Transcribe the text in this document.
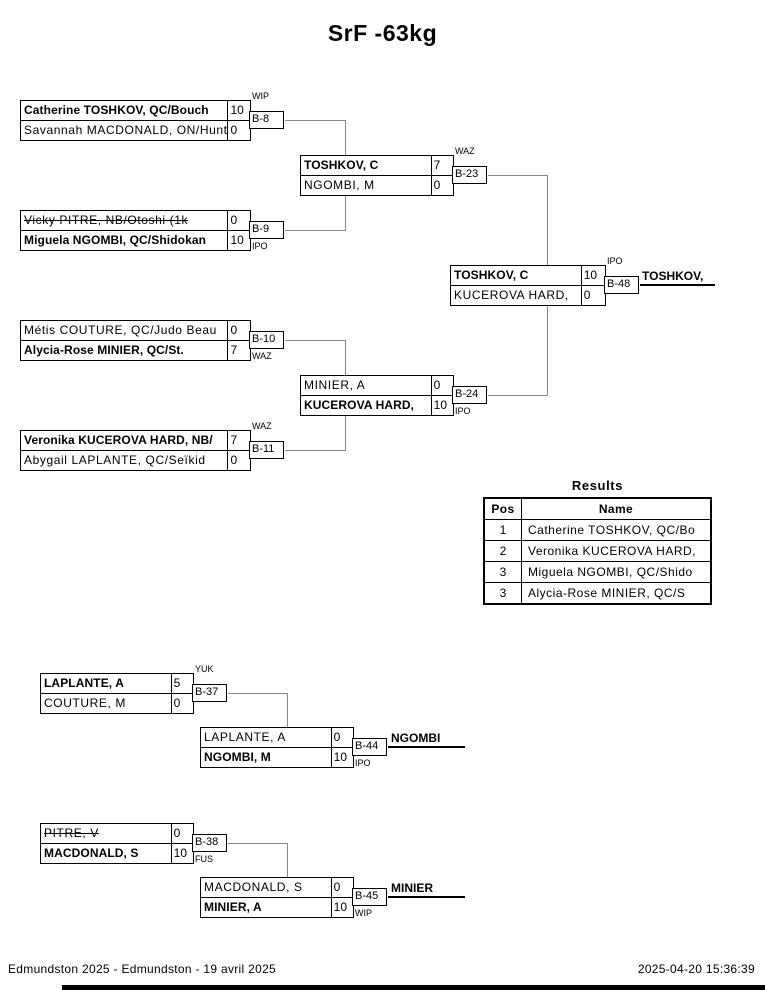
SrF -63kg
Catherine TOSHKOV, QC/Bouch	10
Savannah MACDONALD, ON/Hunt 0
B-8
WIP
Vicky PITRE, NB/Otoshi (1k	0
Miguela NGOMBI, QC/Shidokan	10
B-9
IPO
Métis COUTURE, QC/Judo Beau	0
Alycia-Rose MINIER, QC/St.	7
B-10
WAZ
Veronika KUCEROVA HARD, NB/	7
Abygail LAPLANTE, QC/Seïkid	0
B-11
WAZ
TOSHKOV, C	7
NGOMBI, M	0
B-23
WAZ
MINIER, A	0
KUCEROVA HARD,	10
B-24
IPO
TOSHKOV, C	10
KUCEROVA HARD,	0
B-48
IPO
LAPLANTE, A	5
COUTURE, M	0
B-37
YUK
LAPLANTE, A	0
NGOMBI, M	10
B-44
IPO
PITRE, V	0
MACDONALD, S	10
B-38
FUS
MACDONALD, S	0
MINIER, A	10
B-45
WIP
TOSHKOV,
NGOMBI
MINIER
Results
Pos	Name
1	Catherine TOSHKOV, QC/Bo
2	Veronika KUCEROVA HARD,
3	Miguela NGOMBI, QC/Shido
3	Alycia-Rose MINIER, QC/S
Edmundston 2025 - Edmundston - 19 avril 2025	2025-04-20 15:36:39
